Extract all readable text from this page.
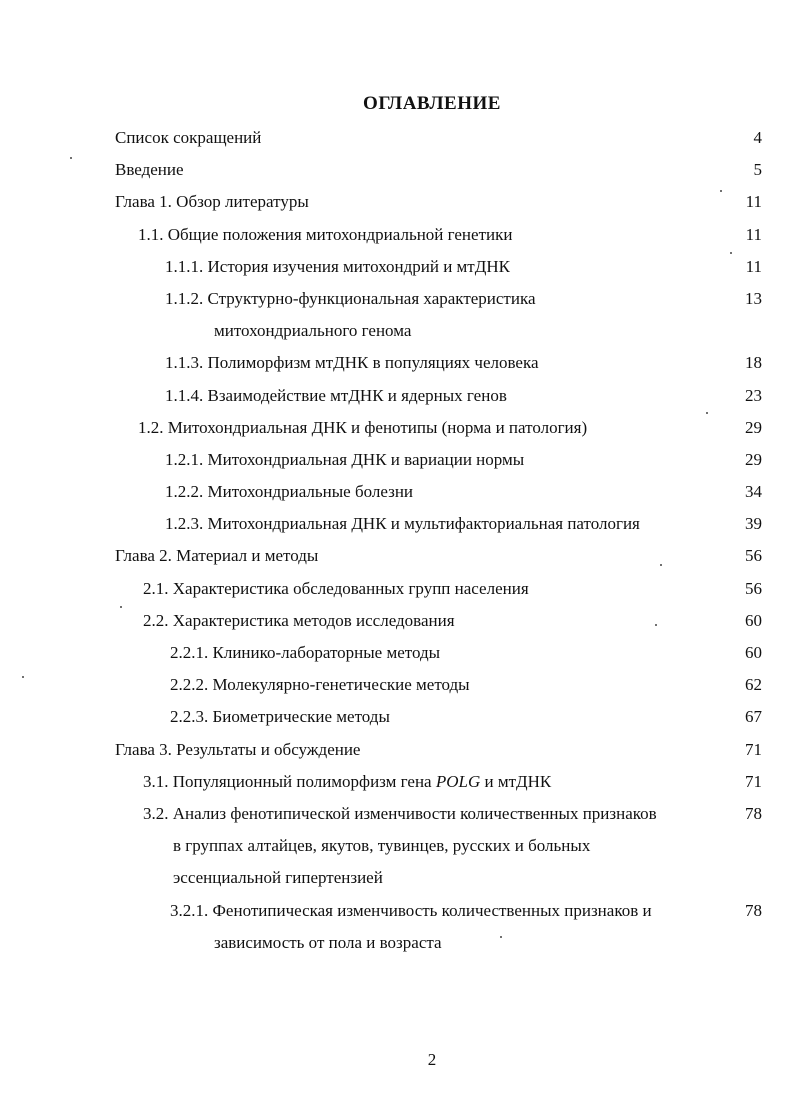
ОГЛАВЛЕНИЕ
Список сокращений	4
Введение	5
Глава 1. Обзор литературы	11
1.1. Общие положения митохондриальной генетики	11
1.1.1. История изучения митохондрий и мтДНК	11
1.1.2. Структурно-функциональная характеристика	13
митохондриального генома
1.1.3. Полиморфизм мтДНК в популяциях человека	18
1.1.4. Взаимодействие мтДНК и ядерных генов	23
1.2. Митохондриальная ДНК и фенотипы (норма и патология)	29
1.2.1. Митохондриальная ДНК и вариации нормы	29
1.2.2. Митохондриальные болезни	34
1.2.3. Митохондриальная ДНК и мультифакториальная патология	39
Глава 2. Материал и методы	56
2.1. Характеристика обследованных групп населения	56
2.2. Характеристика методов исследования	60
2.2.1. Клинико-лабораторные методы	60
2.2.2. Молекулярно-генетические методы	62
2.2.3. Биометрические методы	67
Глава 3. Результаты и обсуждение	71
3.1. Популяционный полиморфизм гена POLG и мтДНК	71
3.2. Анализ фенотипической изменчивости количественных признаков	78
в группах алтайцев, якутов, тувинцев, русских и больных
эссенциальной гипертензией
3.2.1. Фенотипическая изменчивость количественных признаков и	78
зависимость от пола и возраста
2
